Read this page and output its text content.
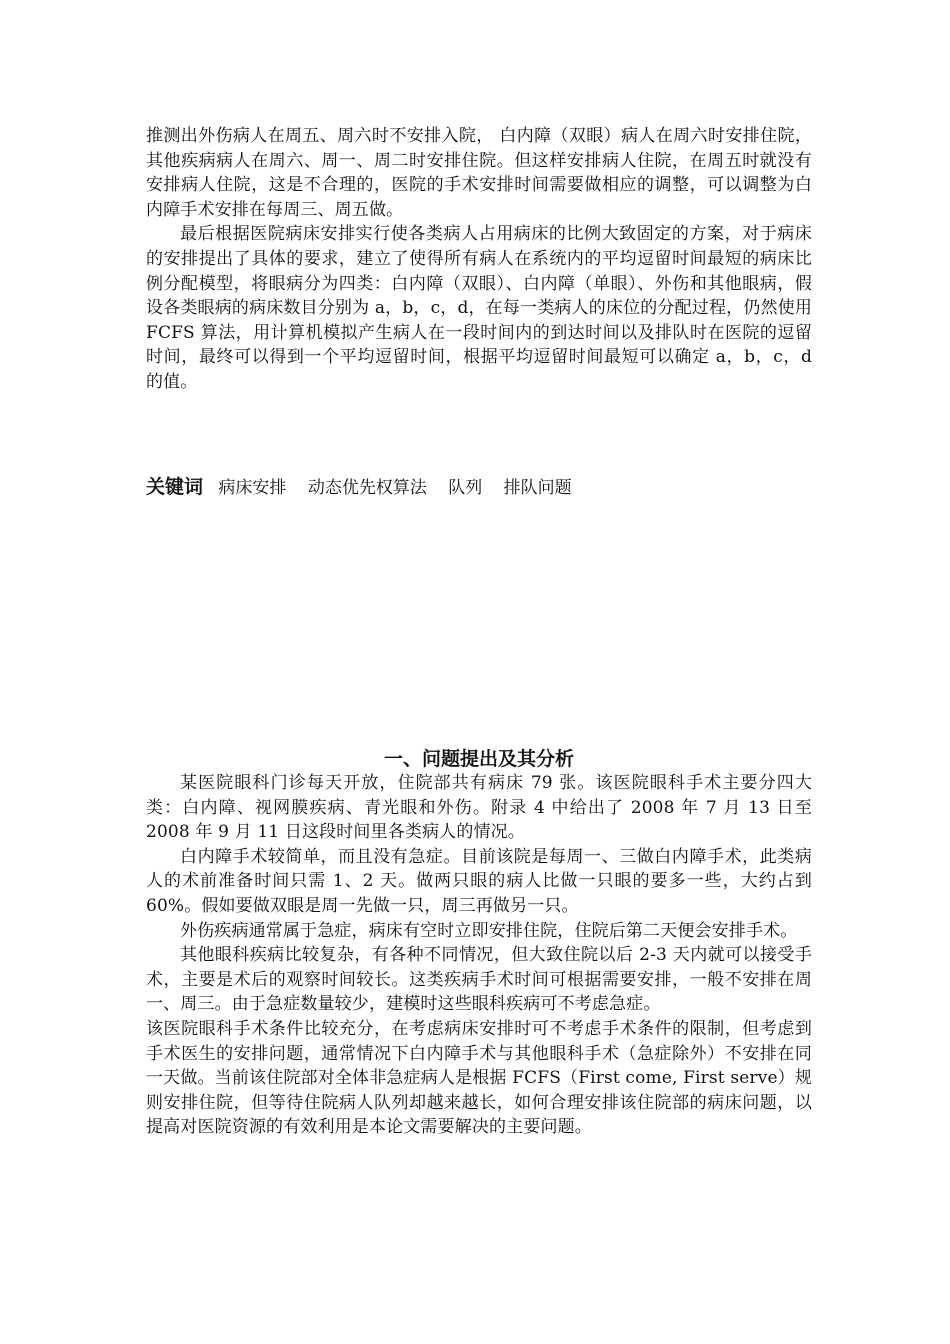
推测出外伤病人在周五、周六时不安排入院， 白内障（双眼）病人在周六时安排住院，其他疾病病人在周六、周一、周二时安排住院。但这样安排病人住院，在周五时就没有安排病人住院，这是不合理的，医院的手术安排时间需要做相应的调整，可以调整为白内障手术安排在每周三、周五做。

最后根据医院病床安排实行使各类病人占用病床的比例大致固定的方案，对于病床的安排提出了具体的要求，建立了使得所有病人在系统内的平均逗留时间最短的病床比例分配模型，将眼病分为四类：白内障（双眼）、白内障（单眼）、外伤和其他眼病，假设各类眼病的病床数目分别为 a，b，c，d，在每一类病人的床位的分配过程，仍然使用 FCFS 算法，用计算机模拟产生病人在一段时间内的到达时间以及排队时在医院的逗留时间，最终可以得到一个平均逗留时间，根据平均逗留时间最短可以确定 a，b，c，d 的值。

关键词 病床安排 动态优先权算法 队列 排队问题
一、问题提出及其分析

某医院眼科门诊每天开放，住院部共有病床 79 张。该医院眼科手术主要分四大类：白内障、视网膜疾病、青光眼和外伤。附录 4 中给出了 2008 年 7 月 13 日至 2008 年 9 月 11 日这段时间里各类病人的情况。

白内障手术较简单，而且没有急症。目前该院是每周一、三做白内障手术，此类病人的术前准备时间只需 1、2 天。做两只眼的病人比做一只眼的要多一些，大约占到 60%。假如要做双眼是周一先做一只，周三再做另一只。

外伤疾病通常属于急症，病床有空时立即安排住院，住院后第二天便会安排手术。

其他眼科疾病比较复杂，有各种不同情况，但大致住院以后 2-3 天内就可以接受手术，主要是术后的观察时间较长。这类疾病手术时间可根据需要安排，一般不安排在周一、周三。由于急症数量较少，建模时这些眼科疾病可不考虑急症。

该医院眼科手术条件比较充分，在考虑病床安排时可不考虑手术条件的限制，但考虑到手术医生的安排问题，通常情况下白内障手术与其他眼科手术（急症除外）不安排在同一天做。当前该住院部对全体非急症病人是根据 FCFS（First come, First serve）规则安排住院，但等待住院病人队列却越来越长，如何合理安排该住院部的病床问题，以提高对医院资源的有效利用是本论文需要解决的主要问题。
